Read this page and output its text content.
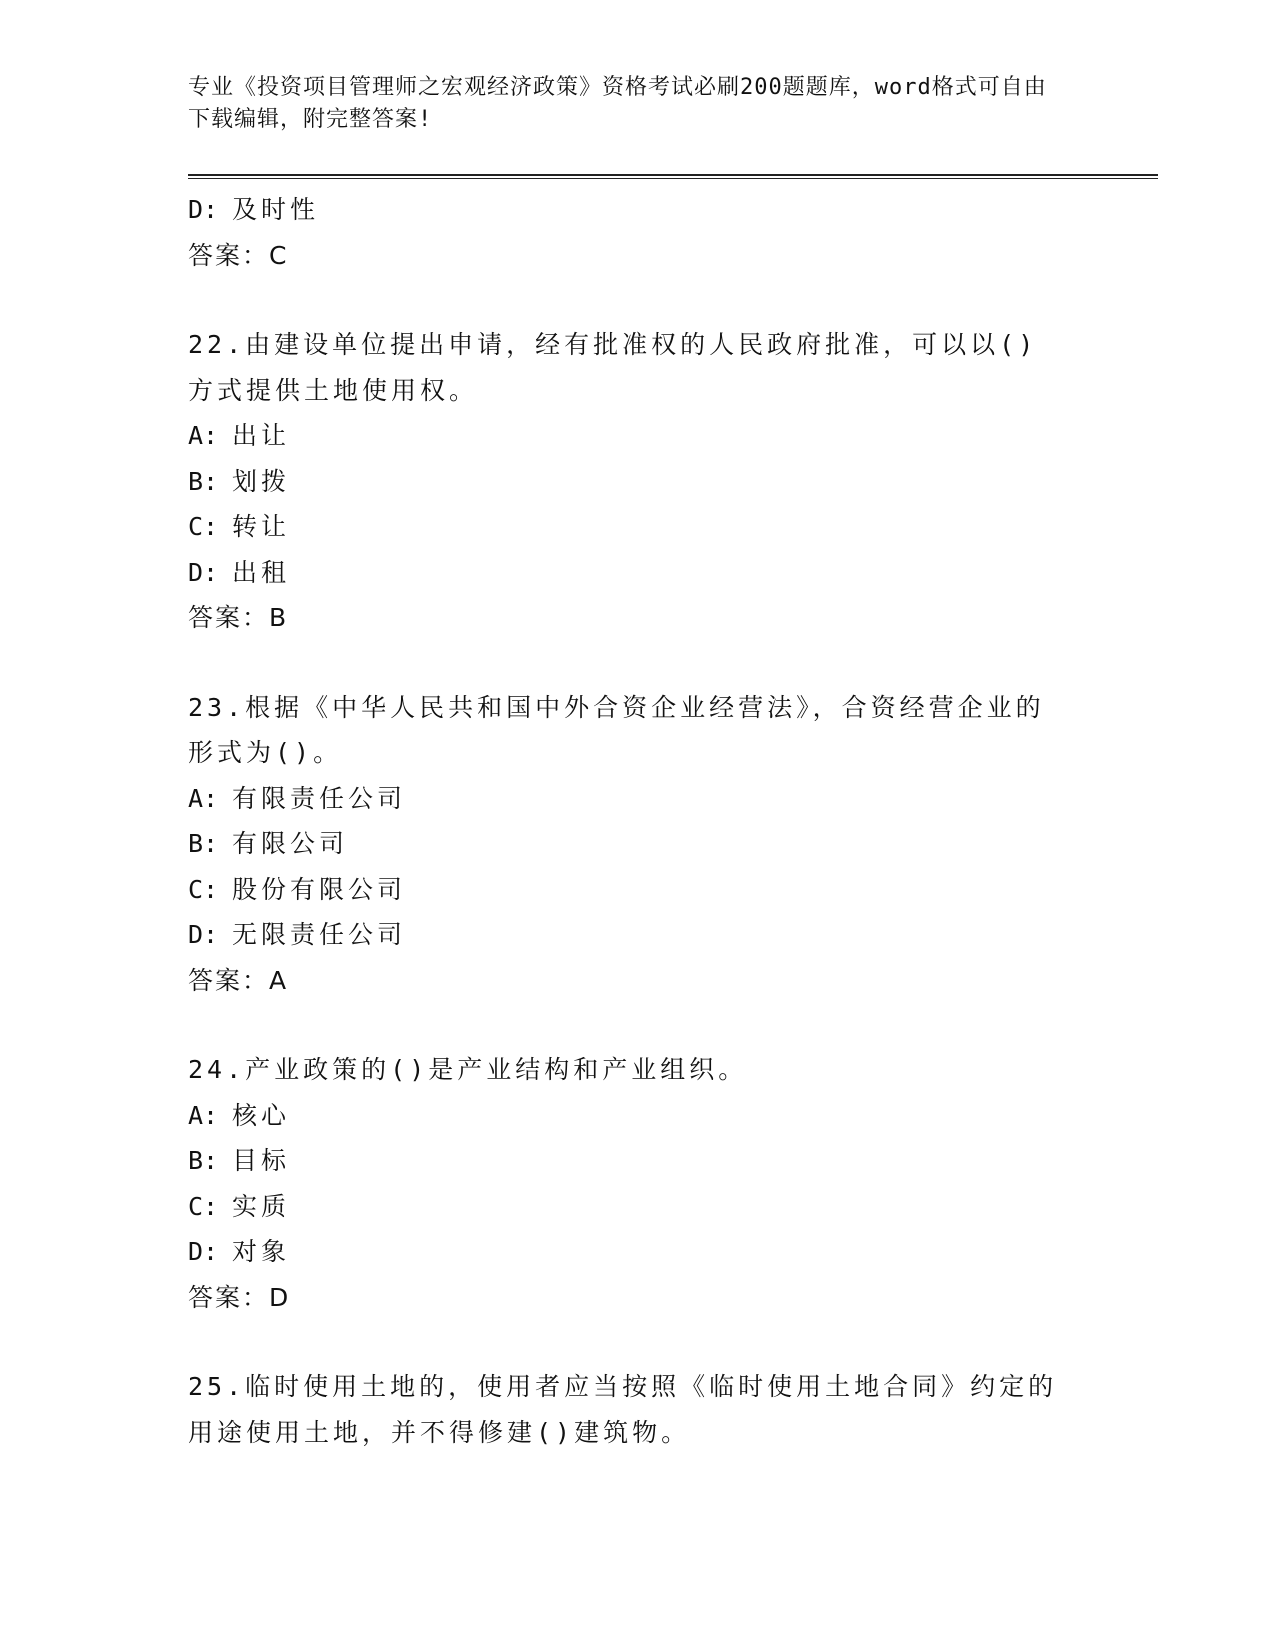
专业《投资项目管理师之宏观经济政策》资格考试必刷200题题库，word格式可自由下载编辑，附完整答案!

D: 及时性
答案：C
22.由建设单位提出申请，经有批准权的人民政府批准，可以以()方式提供土地使用权。
A: 出让
B: 划拨
C: 转让
D: 出租
答案：B
23.根据《中华人民共和国中外合资企业经营法》，合资经营企业的形式为()。
A: 有限责任公司
B: 有限公司
C: 股份有限公司
D: 无限责任公司
答案：A
24.产业政策的()是产业结构和产业组织。
A: 核心
B: 目标
C: 实质
D: 对象
答案：D
25.临时使用土地的，使用者应当按照《临时使用土地合同》约定的用途使用土地，并不得修建()建筑物。
